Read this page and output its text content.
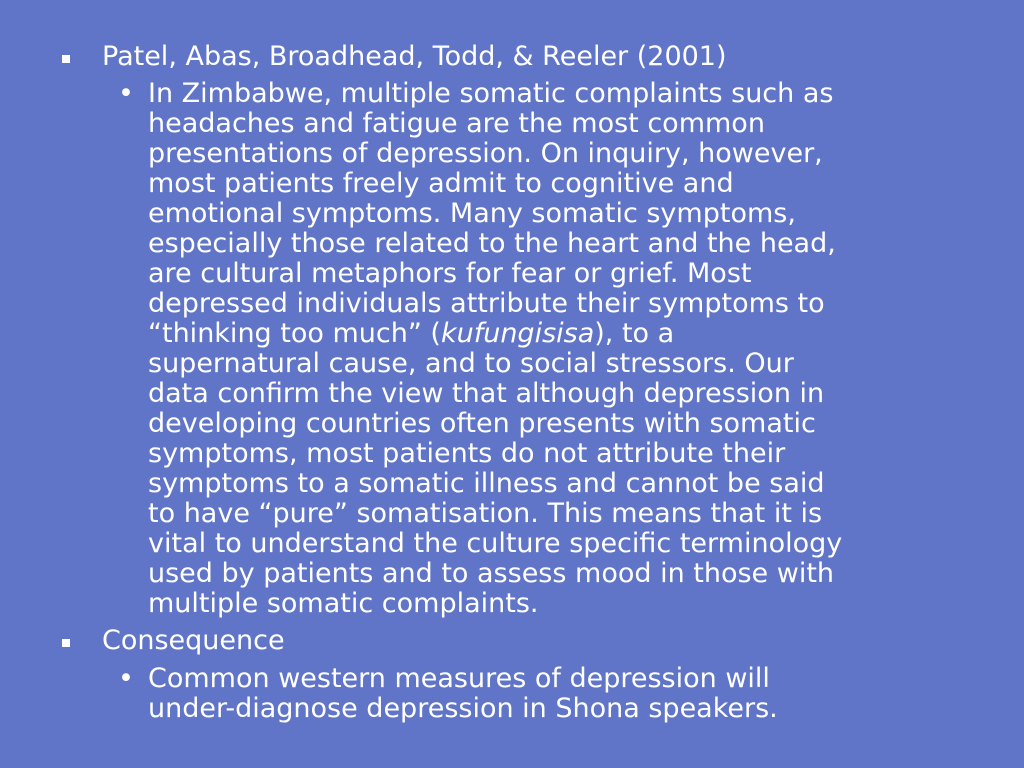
Patel, Abas, Broadhead, Todd, & Reeler (2001)
• In Zimbabwe, multiple somatic complaints such as
headaches and fatigue are the most common
presentations of depression. On inquiry, however,
most patients freely admit to cognitive and
emotional symptoms. Many somatic symptoms,
especially those related to the heart and the head,
are cultural metaphors for fear or grief. Most
depressed individuals attribute their symptoms to
“thinking too much” (kufungisisa), to a
supernatural cause, and to social stressors. Our
data confirm the view that although depression in
developing countries often presents with somatic
symptoms, most patients do not attribute their
symptoms to a somatic illness and cannot be said
to have “pure” somatisation. This means that it is
vital to understand the culture specific terminology
used by patients and to assess mood in those with
multiple somatic complaints.
Consequence
• Common western measures of depression will
under-diagnose depression in Shona speakers.
